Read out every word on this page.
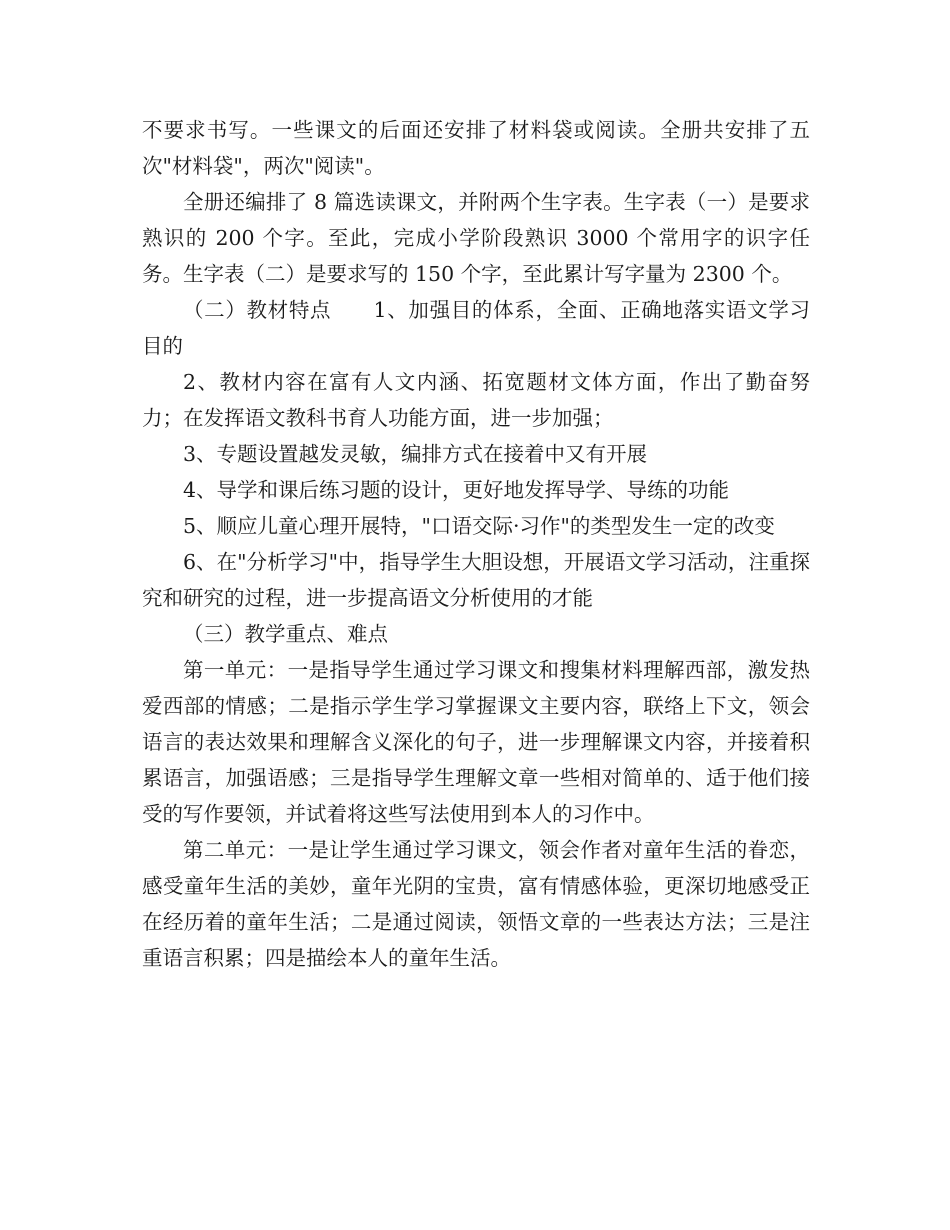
不要求书写。一些课文的后面还安排了材料袋或阅读。全册共安排了五次"材料袋"，两次"阅读"。

全册还编排了 8 篇选读课文，并附两个生字表。生字表（一）是要求熟识的 200 个字。至此，完成小学阶段熟识 3000 个常用字的识字任务。生字表（二）是要求写的 150 个字，至此累计写字量为 2300 个。

（二）教材特点　　1、加强目的体系，全面、正确地落实语文学习目的

2、教材内容在富有人文内涵、拓宽题材文体方面，作出了勤奋努力；在发挥语文教科书育人功能方面，进一步加强；

3、专题设置越发灵敏，编排方式在接着中又有开展

4、导学和课后练习题的设计，更好地发挥导学、导练的功能

5、顺应儿童心理开展特，"口语交际·习作"的类型发生一定的改变

6、在"分析学习"中，指导学生大胆设想，开展语文学习活动，注重探究和研究的过程，进一步提高语文分析使用的才能

（三）教学重点、难点

第一单元：一是指导学生通过学习课文和搜集材料理解西部，激发热爱西部的情感；二是指示学生学习掌握课文主要内容，联络上下文，领会语言的表达效果和理解含义深化的句子，进一步理解课文内容，并接着积累语言，加强语感；三是指导学生理解文章一些相对简单的、适于他们接受的写作要领，并试着将这些写法使用到本人的习作中。

第二单元：一是让学生通过学习课文，领会作者对童年生活的眷恋，感受童年生活的美妙，童年光阴的宝贵，富有情感体验，更深切地感受正在经历着的童年生活；二是通过阅读，领悟文章的一些表达方法；三是注重语言积累；四是描绘本人的童年生活。
